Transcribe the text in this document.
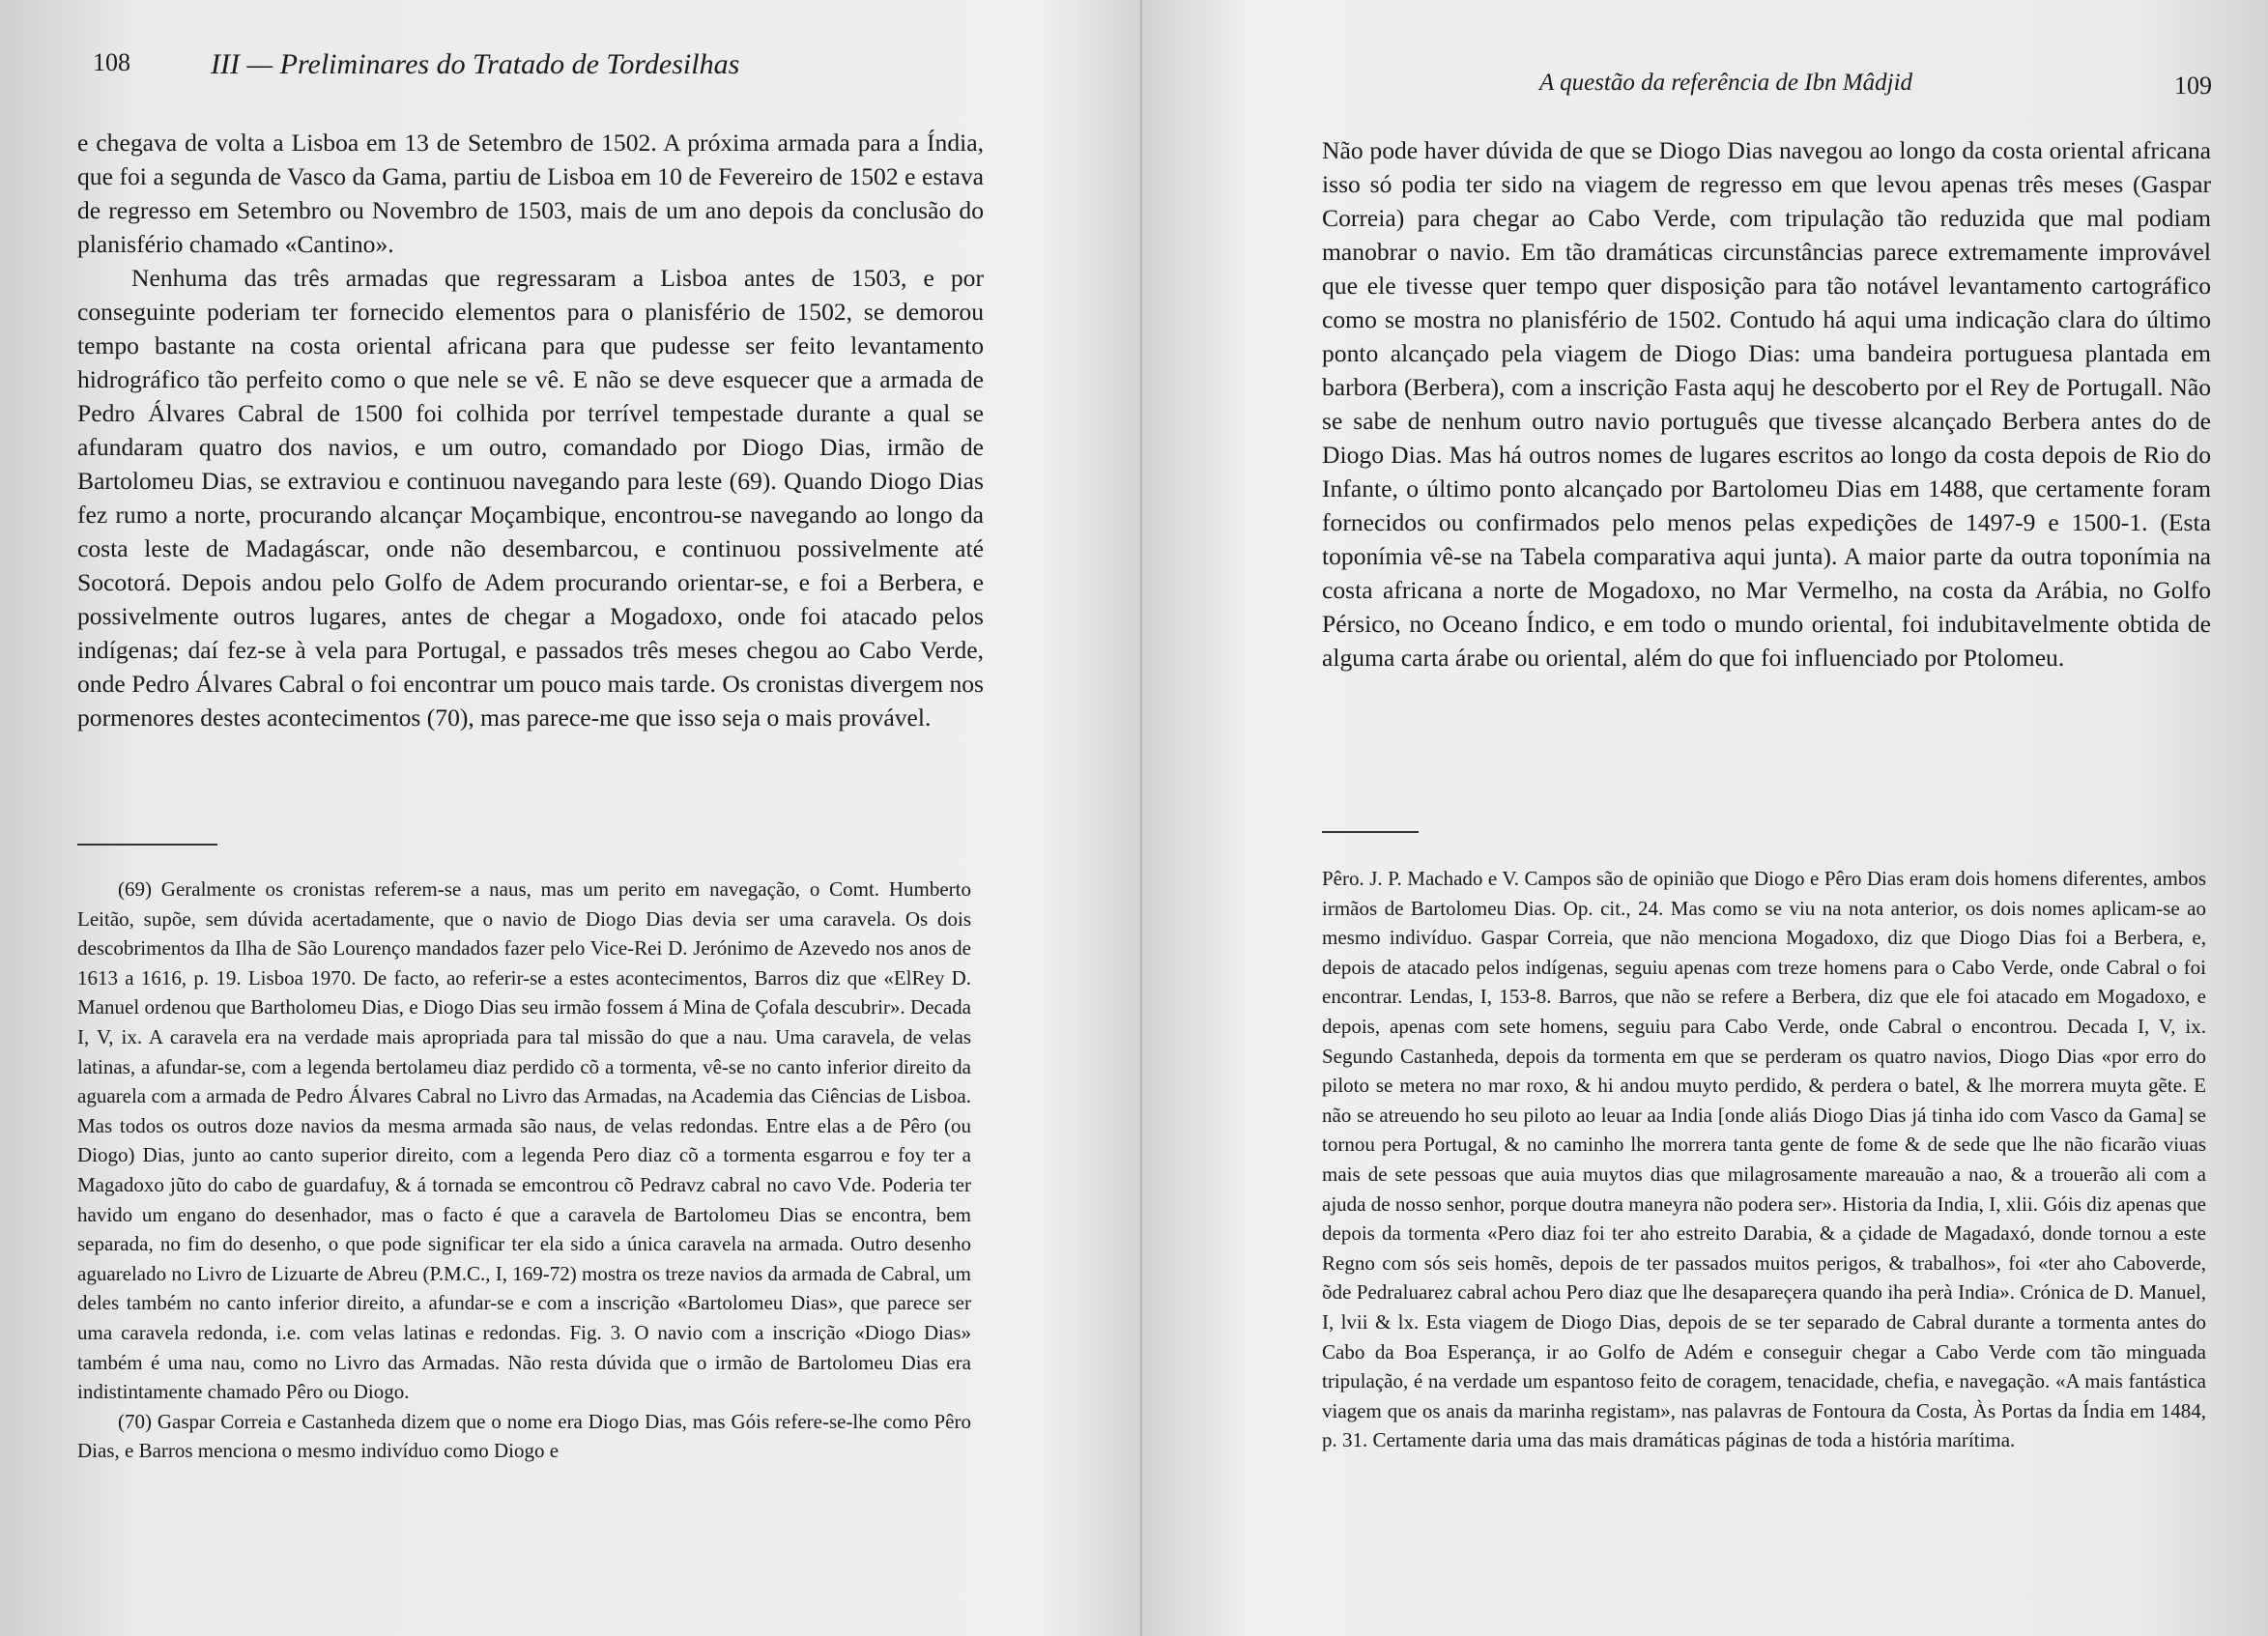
108	III — Preliminares do Tratado de Tordesilhas

e chegava de volta a Lisboa em 13 de Setembro de 1502. A próxima armada para a Índia, que foi a segunda de Vasco da Gama, partiu de Lisboa em 10 de Fevereiro de 1502 e estava de regresso em Setembro ou Novembro de 1503, mais de um ano depois da conclusão do planisfério chamado «Cantino».

Nenhuma das três armadas que regressaram a Lisboa antes de 1503, e por conseguinte poderiam ter fornecido elementos para o planisfério de 1502, se demorou tempo bastante na costa oriental africana para que pudesse ser feito levantamento hidrográfico tão perfeito como o que nele se vê. E não se deve esquecer que a armada de Pedro Álvares Cabral de 1500 foi colhida por terrível tempestade durante a qual se afundaram quatro dos navios, e um outro, comandado por Diogo Dias, irmão de Bartolomeu Dias, se extraviou e continuou navegando para leste (69). Quando Diogo Dias fez rumo a norte, procurando alcançar Moçambique, encontrou-se navegando ao longo da costa leste de Madagáscar, onde não desembarcou, e continuou possivelmente até Socotorá. Depois andou pelo Golfo de Adem procurando orientar-se, e foi a Berbera, e possivelmente outros lugares, antes de chegar a Mogadoxo, onde foi atacado pelos indígenas; daí fez-se à vela para Portugal, e passados três meses chegou ao Cabo Verde, onde Pedro Álvares Cabral o foi encontrar um pouco mais tarde. Os cronistas divergem nos pormenores destes acontecimentos (70), mas parece-me que isso seja o mais provável.

(69) Geralmente os cronistas referem-se a naus, mas um perito em navegação, o Comt. Humberto Leitão, supõe, sem dúvida acertadamente, que o navio de Diogo Dias devia ser uma caravela. Os dois descobrimentos da Ilha de São Lourenço mandados fazer pelo Vice-Rei D. Jerónimo de Azevedo nos anos de 1613 a 1616, p. 19. Lisboa 1970. De facto, ao referir-se a estes acontecimentos, Barros diz que «ElRey D. Manuel ordenou que Bartholomeu Dias, e Diogo Dias seu irmão fossem á Mina de Çofala descubrir». Decada I, V, ix. A caravela era na verdade mais apropriada para tal missão do que a nau. Uma caravela, de velas latinas, a afundar-se, com a legenda bertolameu diaz perdido cõ a tormenta, vê-se no canto inferior direito da aguarela com a armada de Pedro Álvares Cabral no Livro das Armadas, na Academia das Ciências de Lisboa. Mas todos os outros doze navios da mesma armada são naus, de velas redondas. Entre elas a de Pêro (ou Diogo) Dias, junto ao canto superior direito, com a legenda Pero diaz cõ a tormenta esgarrou e foy ter a Magadoxo jũto do cabo de guardafuy, & á tornada se emcontrou cõ Pedravz cabral no cavo Vde. Poderia ter havido um engano do desenhador, mas o facto é que a caravela de Bartolomeu Dias se encontra, bem separada, no fim do desenho, o que pode significar ter ela sido a única caravela na armada. Outro desenho aguarelado no Livro de Lizuarte de Abreu (P.M.C., I, 169-72) mostra os treze navios da armada de Cabral, um deles também no canto inferior direito, a afundar-se e com a inscrição «Bartolomeu Dias», que parece ser uma caravela redonda, i.e. com velas latinas e redondas. Fig. 3. O navio com a inscrição «Diogo Dias» também é uma nau, como no Livro das Armadas. Não resta dúvida que o irmão de Bartolomeu Dias era indistintamente chamado Pêro ou Diogo.

(70) Gaspar Correia e Castanheda dizem que o nome era Diogo Dias, mas Góis refere-se-lhe como Pêro Dias, e Barros menciona o mesmo indivíduo como Diogo e

A questão da referência de Ibn Mâdjid	109

Não pode haver dúvida de que se Diogo Dias navegou ao longo da costa oriental africana isso só podia ter sido na viagem de regresso em que levou apenas três meses (Gaspar Correia) para chegar ao Cabo Verde, com tripulação tão reduzida que mal podiam manobrar o navio. Em tão dramáticas circunstâncias parece extremamente improvável que ele tivesse quer tempo quer disposição para tão notável levantamento cartográfico como se mostra no planisfério de 1502. Contudo há aqui uma indicação clara do último ponto alcançado pela viagem de Diogo Dias: uma bandeira portuguesa plantada em barbora (Berbera), com a inscrição Fasta aquj he descoberto por el Rey de Portugall. Não se sabe de nenhum outro navio português que tivesse alcançado Berbera antes do de Diogo Dias. Mas há outros nomes de lugares escritos ao longo da costa depois de Rio do Infante, o último ponto alcançado por Bartolomeu Dias em 1488, que certamente foram fornecidos ou confirmados pelo menos pelas expedições de 1497-9 e 1500-1. (Esta toponímia vê-se na Tabela comparativa aqui junta). A maior parte da outra toponímia na costa africana a norte de Mogadoxo, no Mar Vermelho, na costa da Arábia, no Golfo Pérsico, no Oceano Índico, e em todo o mundo oriental, foi indubitavelmente obtida de alguma carta árabe ou oriental, além do que foi influenciado por Ptolomeu.

Pêro. J. P. Machado e V. Campos são de opinião que Diogo e Pêro Dias eram dois homens diferentes, ambos irmãos de Bartolomeu Dias. Op. cit., 24. Mas como se viu na nota anterior, os dois nomes aplicam-se ao mesmo indivíduo. Gaspar Correia, que não menciona Mogadoxo, diz que Diogo Dias foi a Berbera, e, depois de atacado pelos indígenas, seguiu apenas com treze homens para o Cabo Verde, onde Cabral o foi encontrar. Lendas, I, 153-8. Barros, que não se refere a Berbera, diz que ele foi atacado em Mogadoxo, e depois, apenas com sete homens, seguiu para Cabo Verde, onde Cabral o encontrou. Decada I, V, ix. Segundo Castanheda, depois da tormenta em que se perderam os quatro navios, Diogo Dias «por erro do piloto se metera no mar roxo, & hi andou muyto perdido, & perdera o batel, & lhe morrera muyta gẽte. E não se atreuendo ho seu piloto ao leuar aa India [onde aliás Diogo Dias já tinha ido com Vasco da Gama] se tornou pera Portugal, & no caminho lhe morrera tanta gente de fome & de sede que lhe não ficarão viuas mais de sete pessoas que auia muytos dias que milagrosamente mareauão a nao, & a trouerão ali com a ajuda de nosso senhor, porque doutra maneyra não podera ser». Historia da India, I, xlii. Góis diz apenas que depois da tormenta «Pero diaz foi ter aho estreito Darabia, & a çidade de Magadaxó, donde tornou a este Regno com sós seis homẽs, depois de ter passados muitos perigos, & trabalhos», foi «ter aho Caboverde, õde Pedraluarez cabral achou Pero diaz que lhe desapareçera quando iha perà India». Crónica de D. Manuel, I, lvii & lx. Esta viagem de Diogo Dias, depois de se ter separado de Cabral durante a tormenta antes do Cabo da Boa Esperança, ir ao Golfo de Adém e conseguir chegar a Cabo Verde com tão minguada tripulação, é na verdade um espantoso feito de coragem, tenacidade, chefia, e navegação. «A mais fantástica viagem que os anais da marinha registam», nas palavras de Fontoura da Costa, Às Portas da Índia em 1484, p. 31. Certamente daria uma das mais dramáticas páginas de toda a história marítima.
